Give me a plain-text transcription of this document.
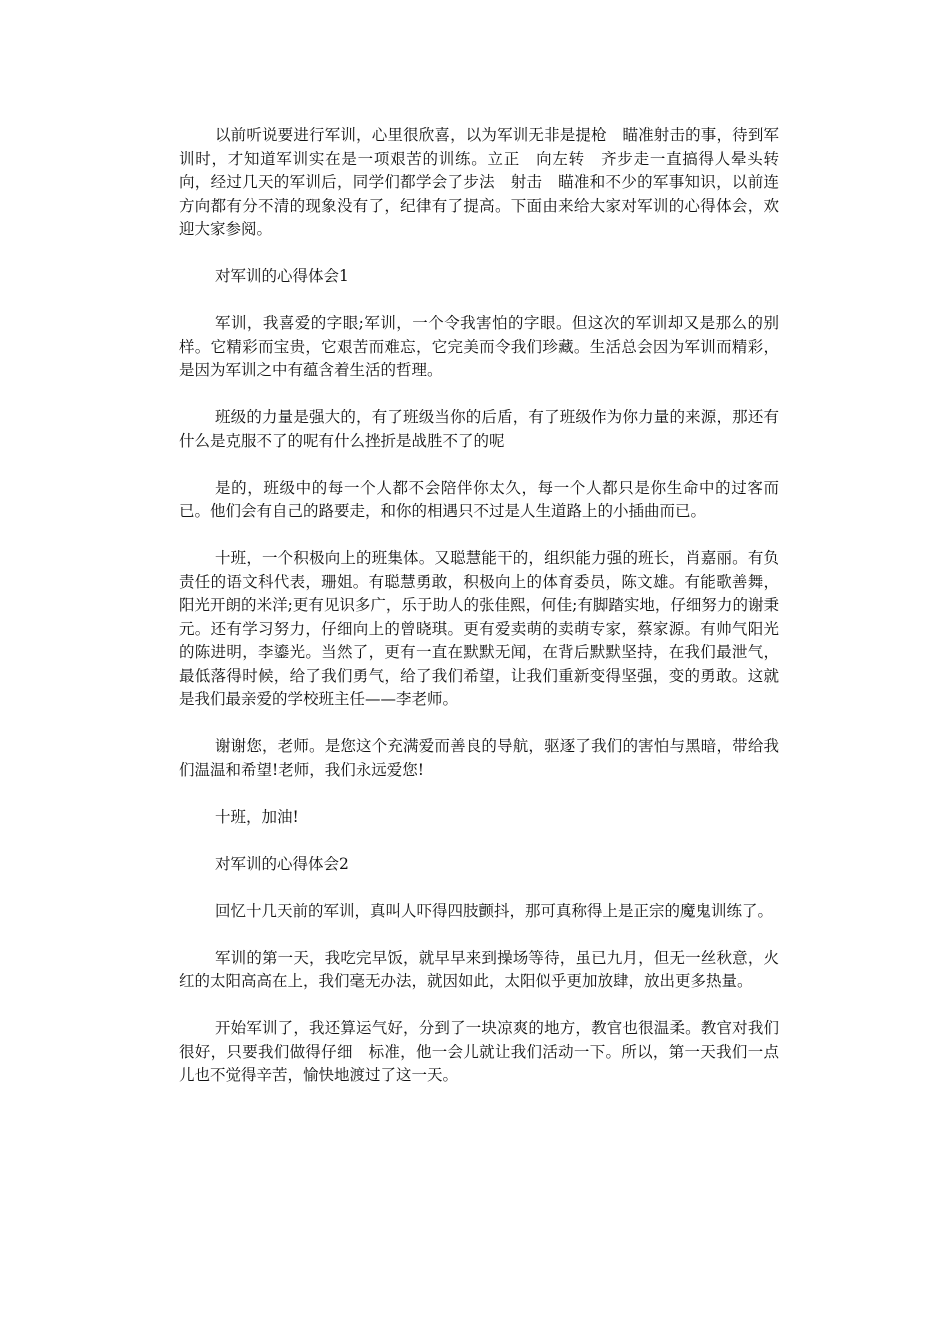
以前听说要进行军训，心里很欣喜，以为军训无非是提枪　瞄准射击的事，待到军训时，才知道军训实在是一项艰苦的训练。立正　向左转　齐步走一直搞得人晕头转向，经过几天的军训后，同学们都学会了步法　射击　瞄准和不少的军事知识，以前连方向都有分不清的现象没有了，纪律有了提高。下面由来给大家对军训的心得体会，欢迎大家参阅。

对军训的心得体会1

军训，我喜爱的字眼;军训，一个令我害怕的字眼。但这次的军训却又是那么的别样。它精彩而宝贵，它艰苦而难忘，它完美而令我们珍藏。生活总会因为军训而精彩，是因为军训之中有蕴含着生活的哲理。

班级的力量是强大的，有了班级当你的后盾，有了班级作为你力量的来源，那还有什么是克服不了的呢有什么挫折是战胜不了的呢

是的，班级中的每一个人都不会陪伴你太久，每一个人都只是你生命中的过客而已。他们会有自己的路要走，和你的相遇只不过是人生道路上的小插曲而已。

十班，一个积极向上的班集体。又聪慧能干的，组织能力强的班长，肖嘉丽。有负责任的语文科代表，珊姐。有聪慧勇敢，积极向上的体育委员，陈文雄。有能歌善舞，阳光开朗的米洋;更有见识多广，乐于助人的张佳熙，何佳;有脚踏实地，仔细努力的谢秉元。还有学习努力，仔细向上的曾晓琪。更有爱卖萌的卖萌专家，蔡家源。有帅气阳光的陈进明，李鎏光。当然了，更有一直在默默无闻，在背后默默坚持，在我们最泄气，最低落得时候，给了我们勇气，给了我们希望，让我们重新变得坚强，变的勇敢。这就是我们最亲爱的学校班主任——李老师。

谢谢您，老师。是您这个充满爱而善良的导航，驱逐了我们的害怕与黑暗，带给我们温温和希望!老师，我们永远爱您!

十班，加油!

对军训的心得体会2

回忆十几天前的军训，真叫人吓得四肢颤抖，那可真称得上是正宗的魔鬼训练了。

军训的第一天，我吃完早饭，就早早来到操场等待，虽已九月，但无一丝秋意，火红的太阳高高在上，我们毫无办法，就因如此，太阳似乎更加放肆，放出更多热量。

开始军训了，我还算运气好，分到了一块凉爽的地方，教官也很温柔。教官对我们很好，只要我们做得仔细　标准，他一会儿就让我们活动一下。所以，第一天我们一点儿也不觉得辛苦，愉快地渡过了这一天。
